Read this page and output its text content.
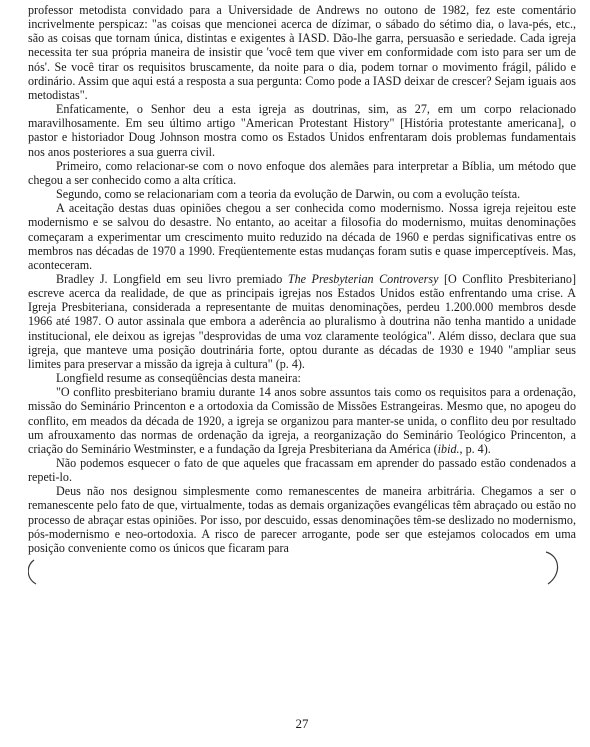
professor metodista convidado para a Universidade de Andrews no outono de 1982, fez este comentário incrivelmente perspicaz: "as coisas que mencionei acerca de dízimar, o sábado do sétimo dia, o lava-pés, etc., são as coisas que tornam única, distintas e exigentes à IASD. Dão-lhe garra, persuasão e seriedade. Cada igreja necessita ter sua própria maneira de insistir que 'você tem que viver em conformidade com isto para ser um de nós'. Se você tirar os requisitos bruscamente, da noite para o dia, podem tornar o movimento frágil, pálido e ordinário. Assim que aqui está a resposta a sua pergunta: Como pode a IASD deixar de crescer? Sejam iguais aos metodistas".

Enfaticamente, o Senhor deu a esta igreja as doutrinas, sim, as 27, em um corpo relacionado maravilhosamente. Em seu último artigo "American Protestant History" [História protestante americana], o pastor e historiador Doug Johnson mostra como os Estados Unidos enfrentaram dois problemas fundamentais nos anos posteriores a sua guerra civil.

Primeiro, como relacionar-se com o novo enfoque dos alemães para interpretar a Bíblia, um método que chegou a ser conhecido como a alta crítica.

Segundo, como se relacionariam com a teoria da evolução de Darwin, ou com a evolução teísta.

A aceitação destas duas opiniões chegou a ser conhecida como modernismo. Nossa igreja rejeitou este modernismo e se salvou do desastre. No entanto, ao aceitar a filosofia do modernismo, muitas denominações começaram a experimentar um crescimento muito reduzido na década de 1960 e perdas significativas entre os membros nas décadas de 1970 a 1990. Freqüentemente estas mudanças foram sutis e quase imperceptíveis. Mas, aconteceram.

Bradley J. Longfield em seu livro premiado The Presbyterian Controversy [O Conflito Presbiteriano] escreve acerca da realidade, de que as principais igrejas nos Estados Unidos estão enfrentando uma crise. A Igreja Presbiteriana, considerada a representante de muitas denominações, perdeu 1.200.000 membros desde 1966 até 1987. O autor assinala que embora a aderência ao pluralismo à doutrina não tenha mantido a unidade institucional, ele deixou as igrejas "desprovidas de uma voz claramente teológica". Além disso, declara que sua igreja, que manteve uma posição doutrinária forte, optou durante as décadas de 1930 e 1940 "ampliar seus limites para preservar a missão da igreja à cultura" (p. 4).

Longfield resume as conseqüências desta maneira:

"O conflito presbiteriano bramiu durante 14 anos sobre assuntos tais como os requisitos para a ordenação, missão do Seminário Princenton e a ortodoxia da Comissão de Missões Estrangeiras. Mesmo que, no apogeu do conflito, em meados da década de 1920, a igreja se organizou para manter-se unida, o conflito deu por resultado um afrouxamento das normas de ordenação da igreja, a reorganização do Seminário Teológico Princenton, a criação do Seminário Westminster, e a fundação da Igreja Presbiteriana da América (ibid., p. 4).

Não podemos esquecer o fato de que aqueles que fracassam em aprender do passado estão condenados a repeti-lo.

Deus não nos designou simplesmente como remanescentes de maneira arbitrária. Chegamos a ser o remanescente pelo fato de que, virtualmente, todas as demais organizações evangélicas têm abraçado ou estão no processo de abraçar estas opiniões. Por isso, por descuido, essas denominações têm-se deslizado no modernismo, pós-modernismo e neo-ortodoxia. A risco de parecer arrogante, pode ser que estejamos colocados em uma posição conveniente como os únicos que ficaram para

27
